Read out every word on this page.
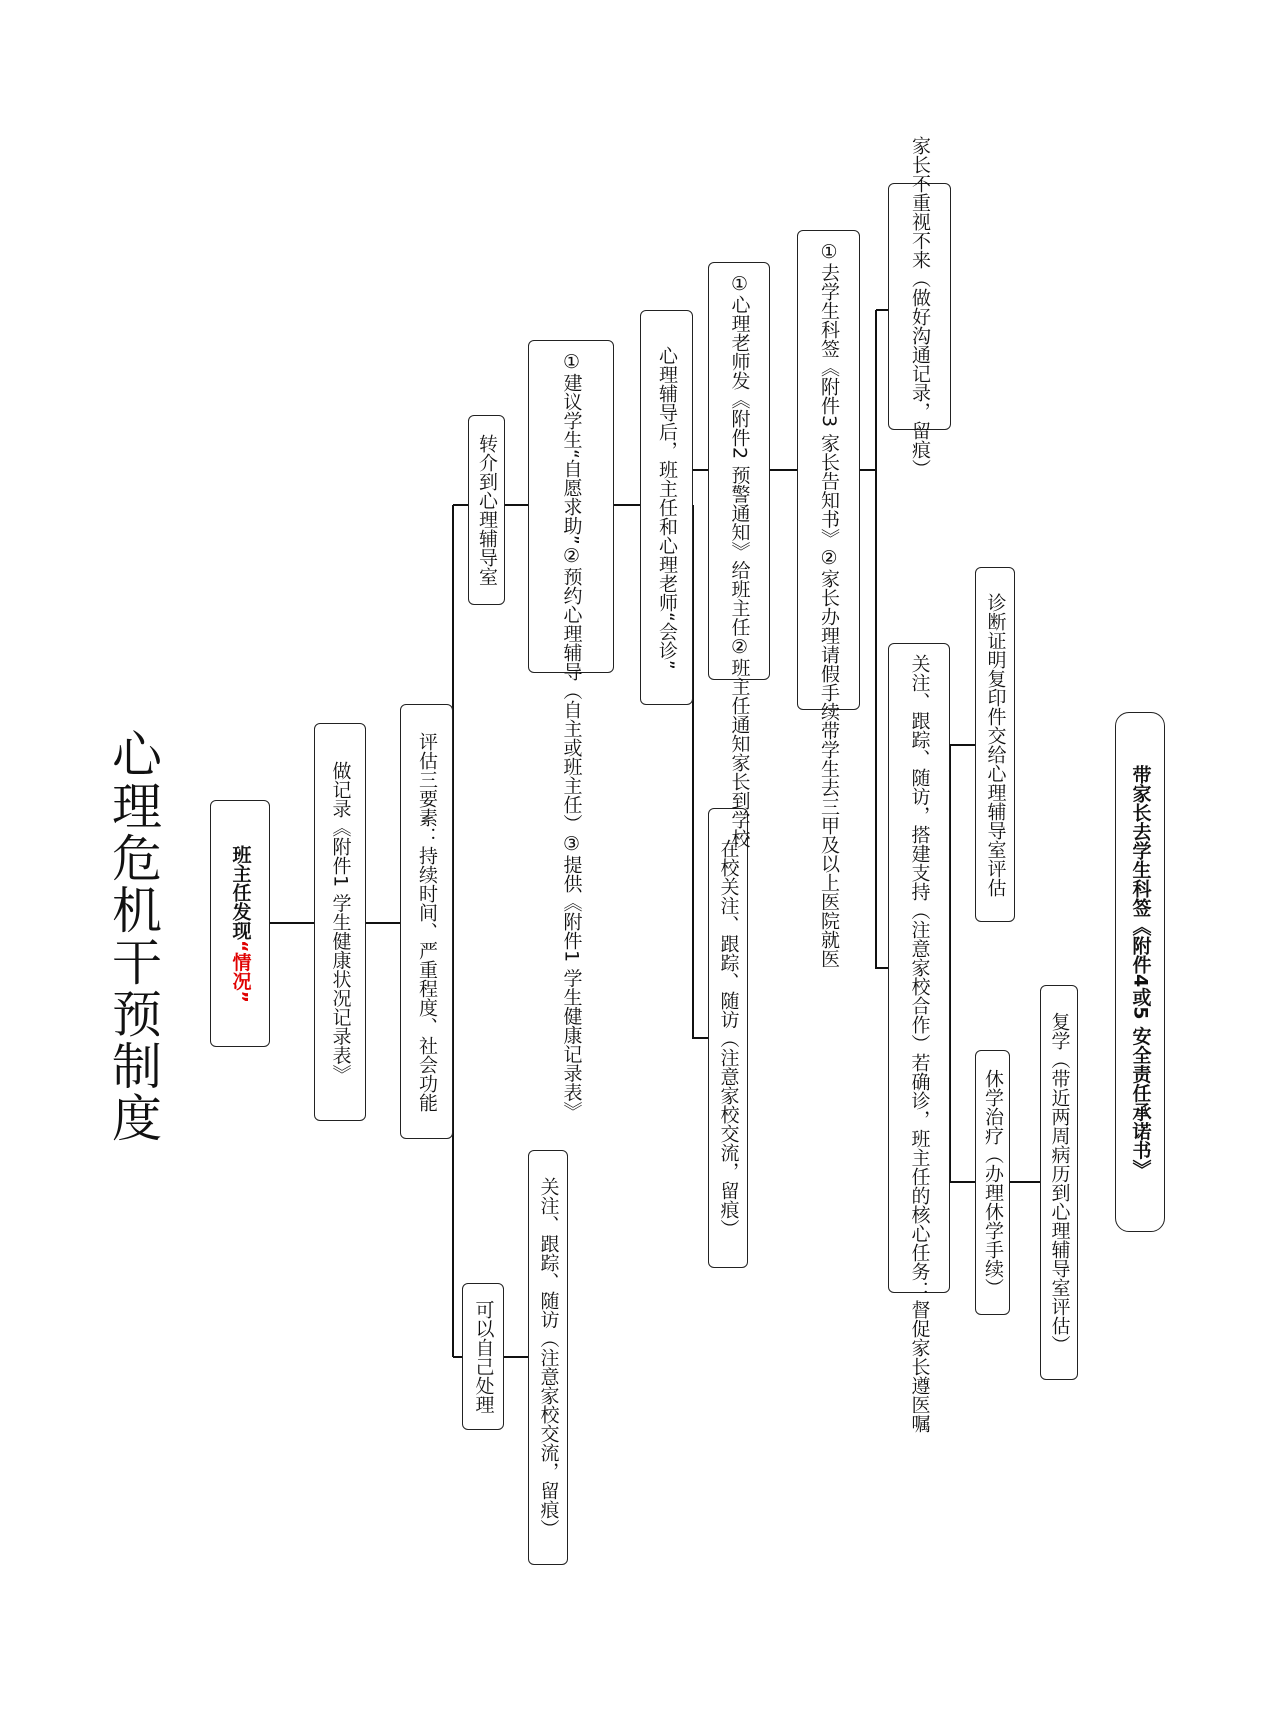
心理危机干预制度	班主任发现
“情况”	做记录《附件1 学生健康状况记录表》	评估三要素：持续时间、严重程度、社会功能
可以自己处理 关注、跟踪、随访（注意家校交流，留痕）
转介到心理辅导室	①建议学生“自愿求助”
②预约心理辅导（自主或班主任）
③提供《附件1 学生健康记录表》
心理辅导后，班主任和心理老师“会诊”
在校关注、跟踪、随访（注意家校交流，留痕）
①心理老师发《附件2 预警通知》给班主任
②班主任通知家长到学校
①去学生科签《附件3 家长告知书》
②家长办理请假手续带学生去三甲及以上医院就医
家长不重视不来
（做好沟通记录，留痕）
关注、跟踪、随访，搭建支持（注意家校合作）若确诊，班主任的核
心任务：督促家长遵医嘱
诊断证明复印件交给心理辅导室评估
休学治疗（办理休学手续） 复学（带近两周病历到心理辅导室评估）
带家长去学生科签《附件4或5 安全责任承诺书》
